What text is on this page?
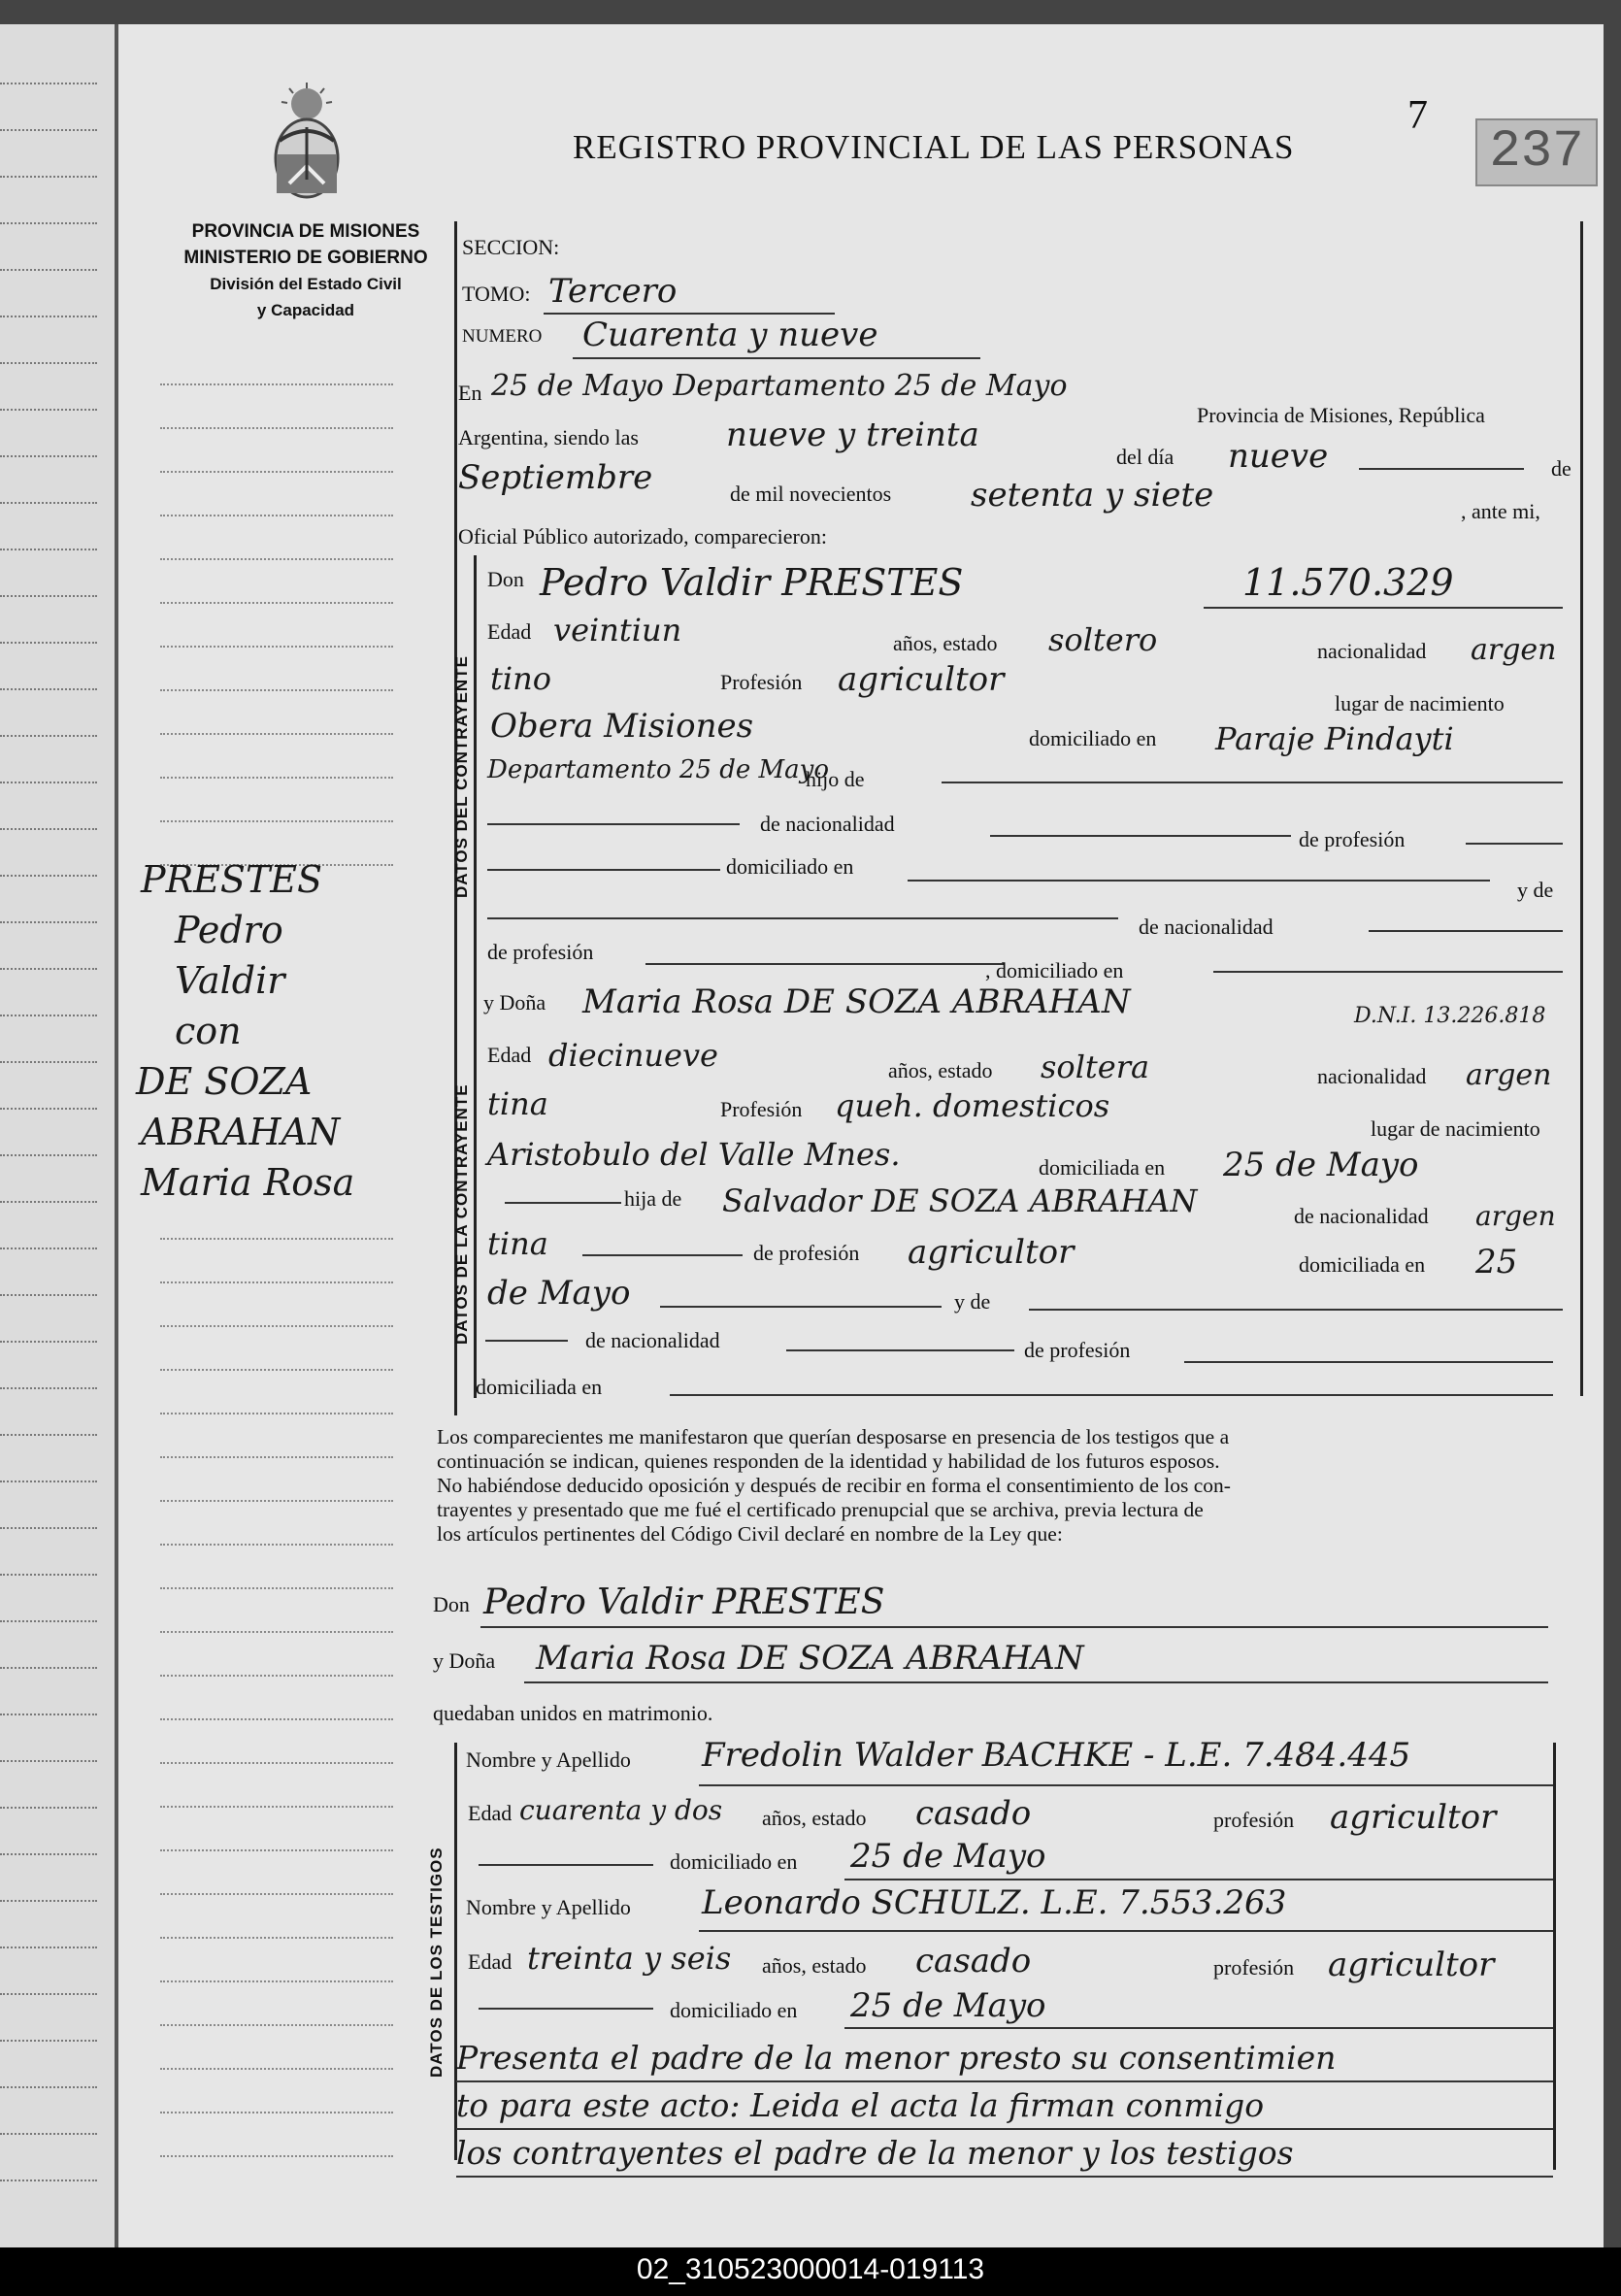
PROVINCIA DE MISIONES
MINISTERIO DE GOBIERNO
División del Estado Civil
y Capacidad
REGISTRO PROVINCIAL DE LAS PERSONAS
7
237
PRESTES
Pedro
Valdir
con
DE SOZA
ABRAHAN
Maria Rosa
DATOS DEL CONTRAYENTE
DATOS DE LA CONTRAYENTE
DATOS DE LOS TESTIGOS
SECCION:
TOMO: Tercero
NUMERO Cuarenta y nueve
En 25 de Mayo Departamento 25 de Mayo
Provincia de Misiones, República
Argentina, siendo las	nueve y treinta
del día nueve	de
Septiembre	de mil novecientos setenta y siete	, ante mi,
Oficial Público autorizado, comparecieron:
Don Pedro Valdir PRESTES	11.570.329
Edad veintiun	años, estado soltero	nacionalidad argen
tino	Profesión agricultor
lugar de nacimiento
Obera Misiones	domiciliado en Paraje Pindayti
Departamento 25 de Mayo
hijo de
de nacionalidad
de profesión
domiciliado en
y de
de nacionalidad
de profesión
, domiciliado en
y Doña Maria Rosa DE SOZA ABRAHAN	D.N.I. 13.226.818
Edad diecinueve	años, estado soltera	nacionalidad argen
tina	Profesión queh. domesticos
lugar de nacimiento
Aristobulo del Valle Mnes.	domiciliada en 25 de Mayo
hija de Salvador DE SOZA ABRAHAN	de nacionalidad argen
tina	de profesión agricultor	domiciliada en 25
de Mayo	y de
de nacionalidad	de profesión
domiciliada en
Los comparecientes me manifestaron que querían desposarse en presencia de los testigos que a
continuación se indican, quienes responden de la identidad y habilidad de los futuros esposos.
No habiéndose deducido oposición y después de recibir en forma el consentimiento de los con-
trayentes y presentado que me fué el certificado prenupcial que se archiva, previa lectura de
los artículos pertinentes del Código Civil declaré en nombre de la Ley que:
Don Pedro Valdir PRESTES
y Doña Maria Rosa DE SOZA ABRAHAN
quedaban unidos en matrimonio.
Nombre y Apellido Fredolin Walder BACHKE - L.E. 7.484.445
Edad cuarenta y dos años, estado casado	profesión agricultor
domiciliado en 25 de Mayo
Nombre y Apellido Leonardo SCHULZ. L.E. 7.553.263
Edad treinta y seis años, estado casado	profesión agricultor
domiciliado en 25 de Mayo
Presenta el padre de la menor presto su consentimien
to para este acto: Leida el acta la firman conmigo
los contrayentes el padre de la menor y los testigos
02_310523000014-019113
